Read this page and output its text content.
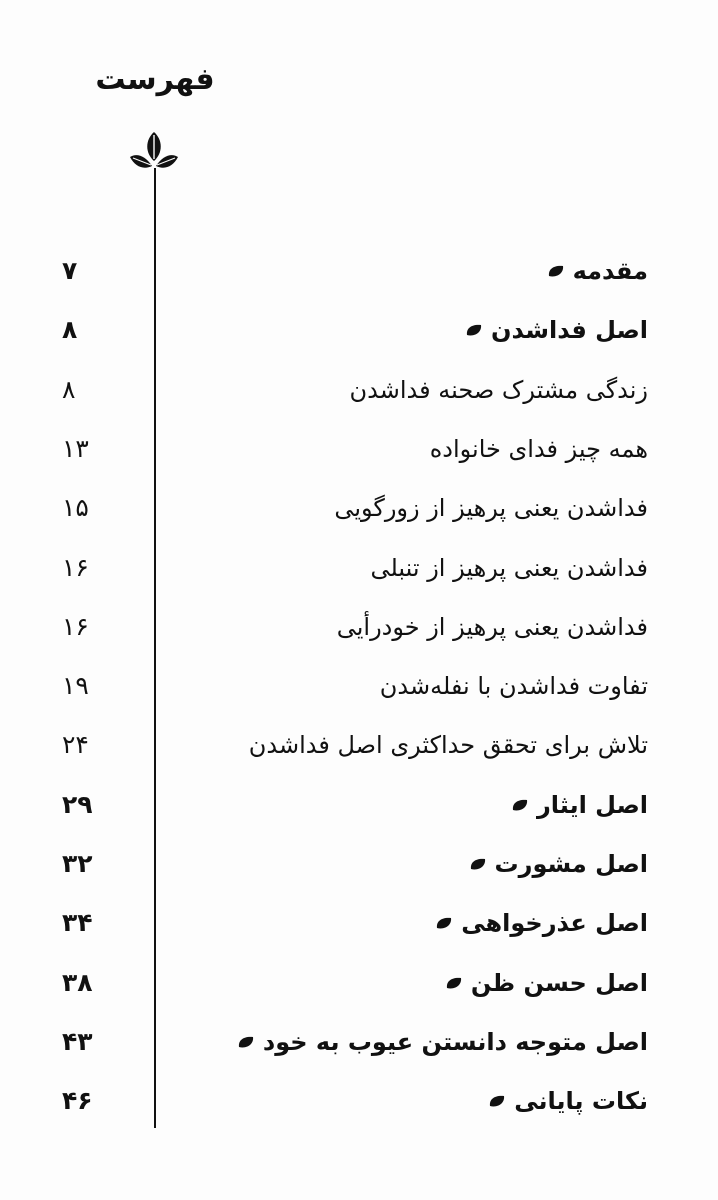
فهرست
مقدمه
۷
اصل فداشدن
۸
زندگی مشترک صحنه فداشدن
۸
همه چیز فدای خانواده
۱۳
فداشدن یعنی پرهیز از زورگویی
۱۵
فداشدن یعنی پرهیز از تنبلی
۱۶
فداشدن یعنی پرهیز از خودرأیی
۱۶
تفاوت فداشدن با نفله‌شدن
۱۹
تلاش برای تحقق حداکثری اصل فداشدن
۲۴
اصل ایثار
۲۹
اصل مشورت
۳۲
اصل عذرخواهی
۳۴
اصل حسن ظن
۳۸
اصل متوجه دانستن عیوب به خود
۴۳
نکات پایانی
۴۶
